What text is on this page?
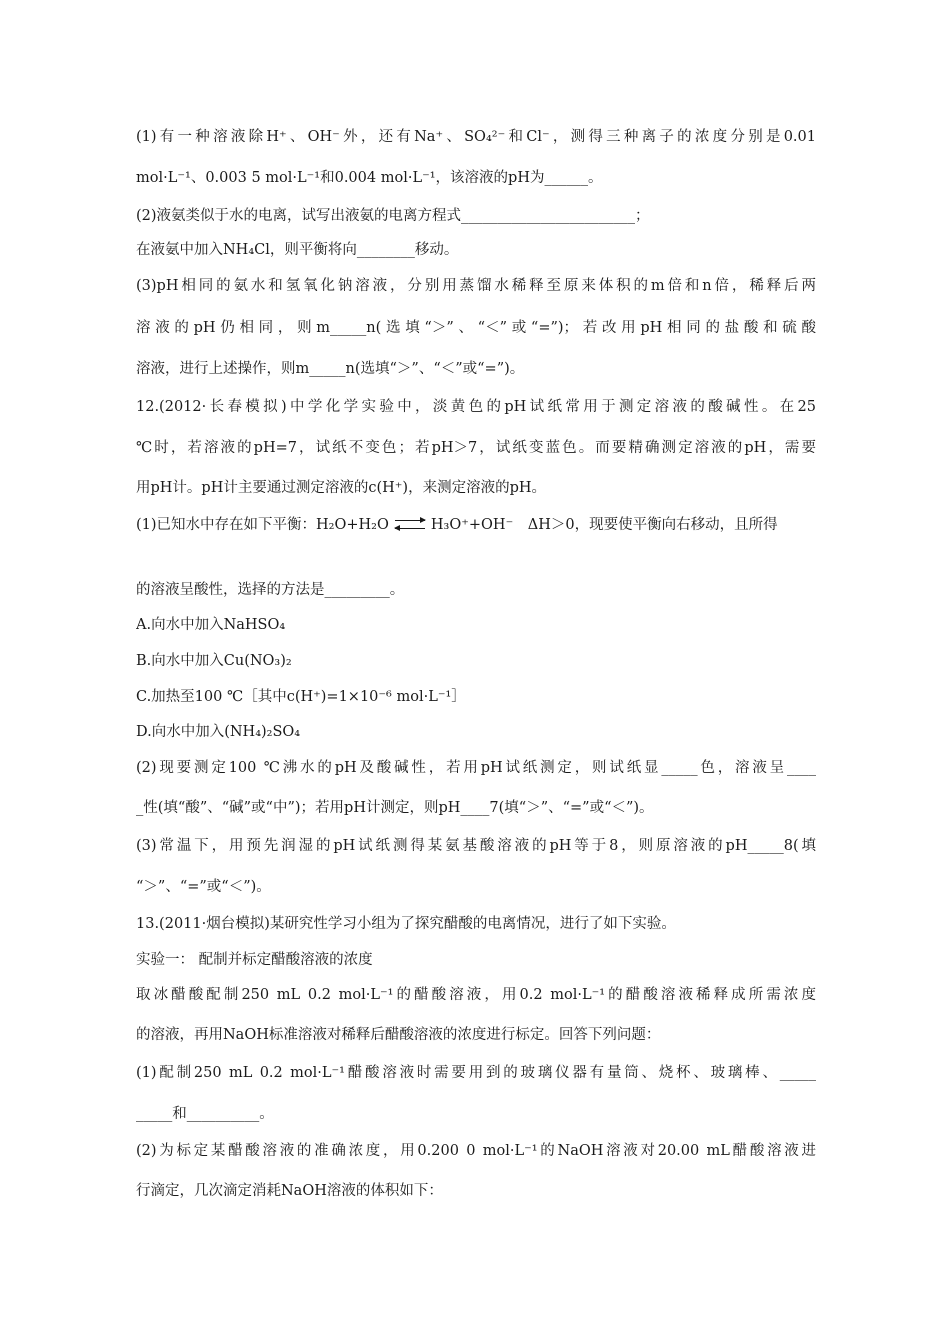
(1)有一种溶液除H⁺、OH⁻外，还有Na⁺、SO₄²⁻和Cl⁻，测得三种离子的浓度分别是0.01
mol·L⁻¹、0.003 5 mol·L⁻¹和0.004 mol·L⁻¹，该溶液的pH为______。
(2)液氨类似于水的电离，试写出液氨的电离方程式________________________；
在液氨中加入NH₄Cl，则平衡将向________移动。
(3)pH相同的氨水和氢氧化钠溶液，分别用蒸馏水稀释至原来体积的m倍和n倍，稀释后两
溶液的pH仍相同，则m_____n(选填“＞”、“＜”或“=”)；若改用pH相同的盐酸和硫酸
溶液，进行上述操作，则m_____n(选填“＞”、“＜”或“=”)。
12.(2012·长春模拟)中学化学实验中，淡黄色的pH试纸常用于测定溶液的酸碱性。在25
℃时，若溶液的pH=7，试纸不变色；若pH＞7，试纸变蓝色。而要精确测定溶液的pH，需要
用pH计。pH计主要通过测定溶液的c(H⁺)，来测定溶液的pH。
(1)已知水中存在如下平衡：H₂O+H₂O ⇌ H₃O⁺+OH⁻　ΔH＞0，现要使平衡向右移动，且所得
的溶液呈酸性，选择的方法是_________。
A.向水中加入NaHSO₄
B.向水中加入Cu(NO₃)₂
C.加热至100 ℃［其中c(H⁺)=1×10⁻⁶ mol·L⁻¹］
D.向水中加入(NH₄)₂SO₄
(2)现要测定100 ℃沸水的pH及酸碱性，若用pH试纸测定，则试纸显_____色，溶液呈____
_性(填“酸”、“碱”或“中”)；若用pH计测定，则pH____7(填“＞”、“=”或“＜”)。
(3)常温下，用预先润湿的pH试纸测得某氨基酸溶液的pH等于8，则原溶液的pH_____8(填
“＞”、“=”或“＜”)。
13.(2011·烟台模拟)某研究性学习小组为了探究醋酸的电离情况，进行了如下实验。
实验一： 配制并标定醋酸溶液的浓度
取冰醋酸配制250 mL 0.2 mol·L⁻¹的醋酸溶液，用0.2 mol·L⁻¹的醋酸溶液稀释成所需浓度
的溶液，再用NaOH标准溶液对稀释后醋酸溶液的浓度进行标定。回答下列问题：
(1)配制250 mL 0.2 mol·L⁻¹醋酸溶液时需要用到的玻璃仪器有量筒、烧杯、玻璃棒、_____
_____和__________。
(2)为标定某醋酸溶液的准确浓度，用0.200 0 mol·L⁻¹的NaOH溶液对20.00 mL醋酸溶液进
行滴定，几次滴定消耗NaOH溶液的体积如下：
